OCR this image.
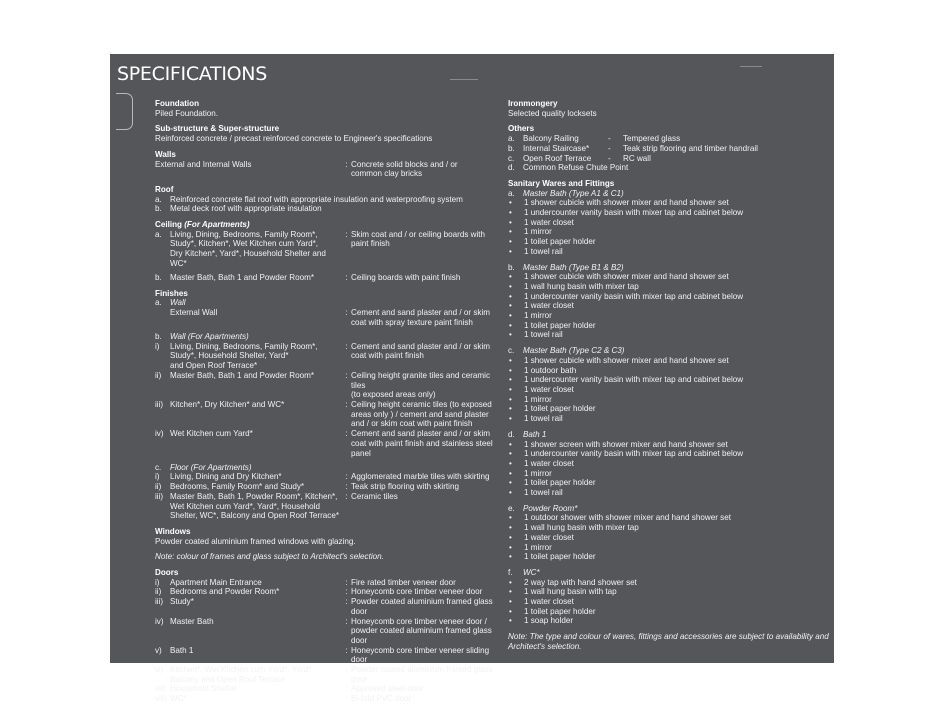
SPECIFICATIONS
Foundation
Piled Foundation.
Sub-structure & Super-structure
Reinforced concrete / precast reinforced concrete to Engineer's specifications
Walls
External and Internal Walls	: Concrete solid blocks and / or
common clay bricks
Roof
a.	Reinforced concrete flat roof with appropriate insulation and waterproofing system
b.	Metal deck roof with appropriate insulation
Ceiling (For Apartments)
a.	Living, Dining, Bedrooms, Family Room*,
Study*, Kitchen*, Wet Kitchen cum Yard*,
Dry Kitchen*, Yard*, Household Shelter and WC*
: Skim coat and / or ceiling boards with
paint finish
b.	Master Bath, Bath 1 and Powder Room*	: Ceiling boards with paint finish
Finishes
a.	Wall
External Wall	: Cement and sand plaster and / or skim
coat with spray texture paint finish
b.	Wall (For Apartments)
i)	Living, Dining, Bedrooms, Family Room*,
Study*, Household Shelter, Yard*
and Open Roof Terrace*
: Cement and sand plaster and / or skim
coat with paint finish
ii)	Master Bath, Bath 1 and Powder Room*	: Ceiling height granite tiles and ceramic tiles
(to exposed areas only)
iii) Kitchen*, Dry Kitchen* and WC*	: Ceiling height ceramic tiles (to exposed
areas only ) / cement and sand plaster
and / or skim coat with paint finish
iv) Wet Kitchen cum Yard*	: Cement and sand plaster and / or skim
coat with paint finish and stainless steel
panel
c.	Floor (For Apartments)
i)	Living, Dining and Dry Kitchen*	: Agglomerated marble tiles with skirting
ii)	Bedrooms, Family Room* and Study*	: Teak strip flooring with skirting
iii) Master Bath, Bath 1, Powder Room*, Kitchen*,
Wet Kitchen cum Yard*, Yard*, Household
Shelter, WC*, Balcony and Open Roof Terrace*
: Ceramic tiles
Windows
Powder coated aluminium framed windows with glazing.
Note: colour of frames and glass subject to Architect's selection.
Doors
i)	Apartment Main Entrance	: Fire rated timber veneer door
ii)	Bedrooms and Powder Room*	: Honeycomb core timber veneer door
iii) Study*	: Powder coated aluminium framed glass
door
iv) Master Bath	: Honeycomb core timber veneer door /
powder coated aluminium framed glass
door
v)	Bath 1	: Honeycomb core timber veneer sliding door
vi) Kitchen*, Wet Kitchen cum Yard*, Yard*,
Balcony and Open Roof Terrace
: Powder coated aluminium framed glass
door
vii) Household Shelter	: Approved steel door
viii) WC*	: Bi-fold PVC door
Ironmongery
Selected quality locksets
Others
a.	Balcony Railing	-	Tempered glass
b.	Internal Staircase*	-	Teak strip flooring and timber handrail
c.	Open Roof Terrace	-	RC wall
d.	Common Refuse Chute Point
Sanitary Wares and Fittings
a.	Master Bath (Type A1 & C1)
•	1 shower cubicle with shower mixer and hand shower set
•	1 undercounter vanity basin with mixer tap and cabinet below
•	1 water closet
•	1 mirror
•	1 toilet paper holder
•	1 towel rail
b.	Master Bath (Type B1 & B2)
•	1 shower cubicle with shower mixer and hand shower set
•	1 wall hung basin with mixer tap
•	1 undercounter vanity basin with mixer tap and cabinet below
•	1 water closet
•	1 mirror
•	1 toilet paper holder
•	1 towel rail
c.	Master Bath (Type C2 & C3)
•	1 shower cubicle with shower mixer and hand shower set
•	1 outdoor bath
•	1 undercounter vanity basin with mixer tap and cabinet below
•	1 water closet
•	1 mirror
•	1 toilet paper holder
•	1 towel rail
d.	Bath 1
•	1 shower screen with shower mixer and hand shower set
•	1 undercounter vanity basin with mixer tap and cabinet below
•	1 water closet
•	1 mirror
•	1 toilet paper holder
•	1 towel rail
e.	Powder Room*
•	1 outdoor shower with shower mixer and hand shower set
•	1 wall hung basin with mixer tap
•	1 water closet
•	1 mirror
•	1 toilet paper holder
f.	WC*
•	2 way tap with hand shower set
•	1 wall hung basin with tap
•	1 water closet
•	1 toilet paper holder
•	1 soap holder
Note: The type and colour of wares, fittings and accessories are subject to availability and Architect's selection.
